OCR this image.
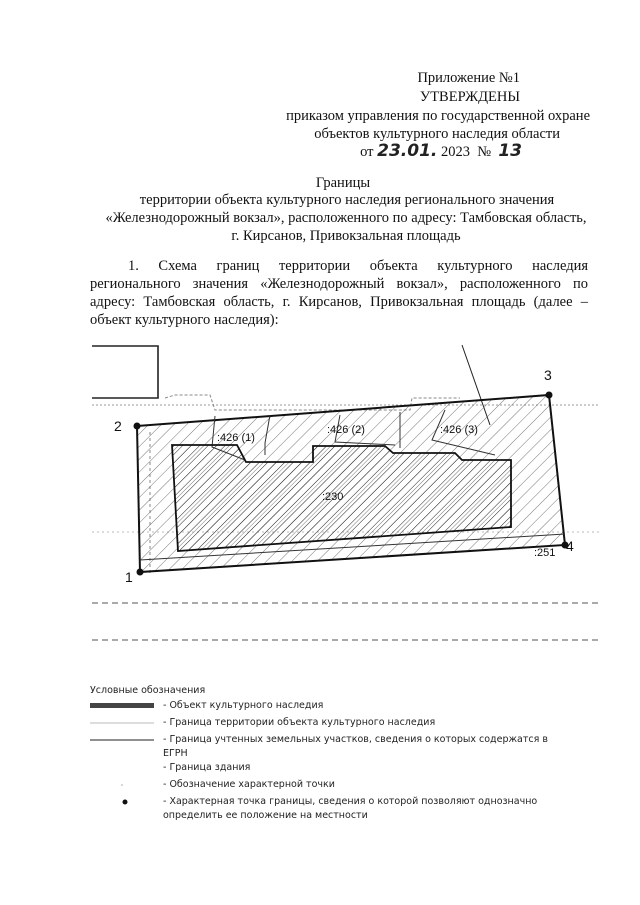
Приложение №1
УТВЕРЖДЕНЫ
приказом управления по государственной охране
объектов культурного наследия области
от 23.01. 2023 № 13
Границы
территории объекта культурного наследия регионального значения
«Железнодорожный вокзал», расположенного по адресу: Тамбовская область,
г. Кирсанов, Привокзальная площадь
1. Схема границ территории объекта культурного наследия
регионального значения «Железнодорожный вокзал», расположенного по
адресу: Тамбовская область, г. Кирсанов, Привокзальная площадь (далее –
объект культурного наследия):
1
2
3
4
:426 (1)
:426 (2)	:426 (3)
:230
:251
Условные обозначения
- Объект культурного наследия
- Граница территории объекта культурного наследия
- Граница учтенных земельных участков, сведения о которых содержатся в
ЕГРН
- Граница здания
- Обозначение характерной точки
- Характерная точка границы, сведения о которой позволяют однозначно
определить ее положение на местности
